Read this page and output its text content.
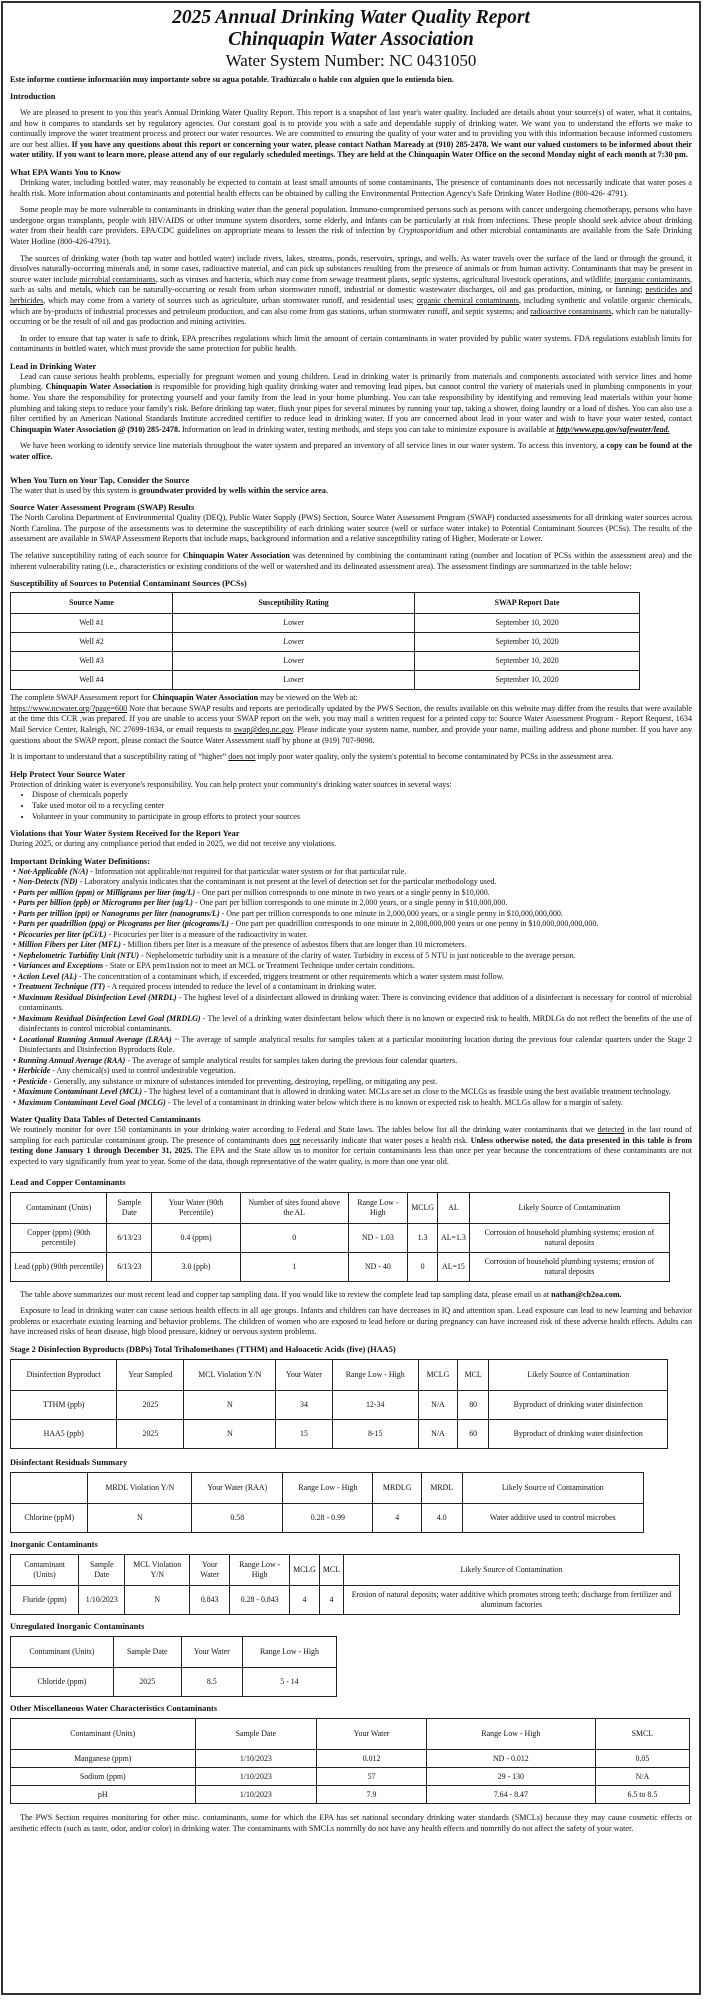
2025 Annual Drinking Water Quality Report
Chinquapin Water Association
Water System Number: NC 0431050

Este informe contiene información muy importante sobre su agua potable. Tradúzcalo o hable con alguien que lo entienda bien.

Introduction

We are pleased to present to you this year's Annual Drinking Water Quality Report. This report is a snapshot of last year's water quality. Included are details about your source(s) of water, what it contains, and how it compares to standards set by regulatory agencies. Our constant goal is to provide you with a safe and dependable supply of drinking water. We want you to understand the efforts we make to continually improve the water treatment process and protect our water resources. We are committed to ensuring the quality of your water and to providing you with this information because informed customers are our best allies. If you have any questions about this report or concerning your water, please contact Nathan Maready at (910) 285-2478. We want our valued customers to be informed about their water utility. If you want to learn more, please attend any of our regularly scheduled meetings. They are held at the Chinquapin Water Office on the second Monday night of each month at 7:30 pm.

What EPA Wants You to Know

Drinking water, including bottled water, may reasonably be expected to contain at least small amounts of some contaminants, The presence of contaminants does not necessarily indicate that water poses a health risk. More information about contaminants and potential health effects can be obtained by calling the Environmental Protection Agency's Safe Drinking Water Hotline (800-426- 4791).

Some people may be more vulnerable to contaminants in drinking water than the general population. Immuno-compromised persons such as persons with cancer undergoing chemotherapy, persons who have undergone organ transplants, people with HIV/AIDS or other immune system disorders, some elderly, and infants can be particularly at risk from infections. These people should seek advice about drinking water from their health care providers. EPA/CDC guidelines on appropriate means to lessen the risk of infection by Cryptosporidium and other microbial contaminants are available from the Safe Drinking Water Hotline (800-426-4791).

The sources of drinking water (both tap water and bottled water) include rivers, lakes, streams, ponds, reservoirs, springs, and wells. As water travels over the surface of the land or through the ground, it dissolves naturally-occurring minerals and, in some cases, radioactive material, and can pick up substances resulting from the presence of animals or from human activity. Contaminants that may be present in source water include microbial contaminants, such as viruses and bacteria, which may come from sewage treatment plants, septic systems, agricultural livestock operations, and wildlife; inorganic contaminants, such as salts and metals, which can be naturally-occurring or result from urban stormwater runoff, industrial or domestic wastewater discharges, oil and gas production, mining, or fanning; pesticides and herbicides, which may come from a variety of sources such as agriculture, urban stormwater runoff, and residential uses; organic chemical contaminants, including synthetic and volatile organic chemicals, which are by-products of industrial processes and petroleum production, and can also come from gas stations, urban stormwater runoff, and septic systems; and radioactive contaminants, which can be naturally-occurring or be the result of oil and gas production and mining activities.

In order to ensure that tap water is safe to drink, EPA prescribes regulations which limit the amount of certain contaminants in water provided by public water systems. FDA regulations establish limits for contaminants in bottled water, which must provide the same protection for public health.

Lead in Drinking Water

Lead can cause serious health problems, especially for pregnant women and young children. Lead in drinking water is primarily from materials and components associated with service lines and home plumbing. Chinquapin Water Association is responsible for providing high quality drinking water and removing lead pipes, but cannot control the variety of materials used in plumbing components in your home. You share the responsibility for protecting yourself and your family from the lead in your home plumbing. You can take responsibility by identifying and removing lead materials within your home plumbing and taking steps to reduce your family's risk. Before drinking tap water, flush your pipes for several minutes by running your tap, taking a shower, doing laundry or a load of dishes. You can also use a filter certified by an American National Standards Institute accredited certifier to reduce lead in drinking water. If you are concerned about lead in your water and wish to have your water tested, contact Chinquapin Water Association @ (910) 285-2478. Information on lead in drinking water, testing methods, and steps you can take to minimize exposure is available at http//www.epa.gov/safewater/lead.

We have been working to identify service line materials throughout the water system and prepared an inventory of all service lines in our water system. To access this inventory, a copy can be found at the water office.

When You Turn on Your Tap, Consider the Source

The water that is used by this system is groundwater provided by wells within the service area.

Source Water Assessment Program (SWAP) Results

The North Carolina Department of Environmerital Quality (DEQ), Public Water Supply (PWS) Section, Source Water Assessment Prngram (SWAP) conducted assessments for all drinking water sources across North Carolina. The purpose of the assessments was to determine the susceptibility of each drinking water source (well or surface water intake) to Potential Contaminant Sources (PCSs). The results of the assessment are available in SWAP Assessment Reports that include maps, background information and a relative susceptibility rating of Higher, Moderate or Lower.

The relative susceptibility rating of each source for Chinquapin Water Association was detennined by combining the contaminant rating (number and location of PCSs within the assessment area) and the inherent vulnerability rating (i.e., characteristics or existing conditions of the well or watershed and its delineated assessment area). The assessment findings are summarized in the table below:

Susceptibility of Sources to Potential Contaminant Sources (PCSs)
Source Name	Susceptibility Rating	SWAP Report Date
Well #1	Lower	September 10, 2020
Well #2	Lower	September 10, 2020
Well #3	Lower	September 10, 2020
Well #4	Lower	September 10, 2020

The complete SWAP Assessment report for Chinquapin Water Association may be viewed on the Web at:
https://www.ncwater.org/?page=600 Note that because SWAP results and reports are periodically updated by the PWS Section, the results available on this website may differ from the results that were available at the time this CCR ,was prepared. If you are unable to access your SWAP report on the web, you may mail a written request for a printed copy to: Source Water Assessment Program - Report Request, 1634 Mail Service Center, Raleigh, NC 27699-1634, or email requests to swap@deq.nc.gov. Please indicate your system name, number, and provide your name, mailing address and phone number. If you have any questions about the SWAP report, please contact the Source Water Assessment staff by phone at (919) 707-9098.

It is important to understand that a susceptibility rating of “higher” does not imply poor water quality, only the system's potential to become contaminated by PCSs in the assessment area.

Help Protect Your Source Water

Protection of drinking water is everyone's responsibility. You can help protect your community's drinking water sources in several ways:

• Dispose of chemicals poperly
• Take used motor oil to a recycling center
• Volunteer in your community to participate in group efforts to protect your sources
Violations that Your Water System Received for the Report Year

During 2025, or during any compliance period that ended in 2025, we did not receive any violations.

Important Drinking Water Definitions:
• Not-Applicable (N/A) - Information not applicable/not required for that particular water system or for that particular rule.
• Non-Detects (ND) - Laboratory analysis indicates that the contaminant is not present at the level of detection set for the particular methodology used.
• Parts per million (ppm) or Milligrams per liter (mg/L) - One part per million corresponds to one minute in two years or a single penny in $10,000.
• Parts per billion (ppb) or Micrograms per liter (ug/L) - One part per billion corresponds to one minute in 2,000 years, or a single penny in $10,000,000.
• Parts per trillion (ppt) or Nanograms per liter (nanograms/L) - One part per trillion corresponds to one minute in 2,000,000 years, or a single penny in $10,000,000,000.
• Parts per quadrillion (ppq) or Picograms per liter (picograms/L) - One part per quadrillion corresponds to one minute in 2,000,000,000 years or one penny in $10,000,000,000,000.
• Picocuries per liter (pCi/L) - Picocuries per liter is a measure of the radioactivity in water.
• Million Fibers per Liter (MFL) - Million fibers per liter is a measure of the presence of asbestos fibers that are longer than 10 micrometers.
• Nephelometric Turbidity Unit (NTU) - Nephelometric turbidity unit is a measure of the clarity of water. Turbidity in excess of 5 NTU is just noticeable to the average person.
• Variances and Exceptions - State or EPA pem1ission not to meet an MCL or Treatment Technique under certain conditions.
• Action Level (AL) - The concentration of a contaminant which, if exceeded, triggers treatment or other requirements which a water system must follow.
• Treatment Technique (TT) - A required process intended to reduce the level of a contaminant in drinking water.
• Maximum Residual Disinfection Level (MRDL) - The highest level of a disinfectant allowed in drinking water. There is convincing evidence that addition of a disinfectant is necessary for control of microbial contaminants.
• Maximum Residual Disinfection Level Goal (MRDLG) - The level of a drinking water disinfectant below which there is no known or expected risk to health. MRDLGs do not reflect the benefits of the use of disinfectants to control microbial contaminants.
• Locational Running Annual Average (LRAA) ~ The average of sample analytical results for samples taken at a particular monitoring location during the previous four calendar quarters under the Stage 2 Disinfectants and Disinfection Byproducts Rule.
• Running Annual Average (RAA) - The average of sample analytical results for samples taken during the previous four calendar quarters.
• Herbicide - Any chemical(s) used to control undesirable vegetation.
• Pesticide - Generally, any substance or mixture of substances intended for preventing, destroying, repelling, or mitigating any pest.
• Maximum Contaminant Level (MCL) - The highest level of a contaminant that is allowed in drinking water. MCLs are set as close to the MCLGs as feasible using the best available treatment technology.
• Maximum Contaminant Level Goal (MCLG) - The level of a contaminant in drinking water below which there is no known or expected risk to health. MCLGs allow for a margin of safety.
Water Quality Data Tables of Detected Contaminants

We routinely monitor for over 150 contaminants in your drinking water according to Federal and State laws. The tables below list all the drinking water contaminants that we detected in the last round of sampling for each particular contaminant group. The presence of contaminants does not necessarily indicate that water poses a health risk. Unless otherwise noted, the data presented in this table is from testing done January 1 through December 31, 2025. The EPA and the State allow us to monitor for certain contaminants less than once per year because the concentrations of these contaminants are not expected to vary significantly from year to year. Some of the data, though representative of the water quality, is more than one year old.

Lead and Copper Contaminants
Contaminant (Units)	Sample Date	Your Water (90th Percentile)	Number of sites found above the AL	Range Low - High	MCLG	AL	Likely Source of Contamination
Copper (ppm) (90th percentile)	6/13/23	0.4 (ppm)	0	ND - 1.03	1.3	AL=1.3	Corrosion of household plumbing systems; erosion of natural deposits
Lead (ppb) (90th percentile)	6/13/23	3.0 (ppb)	1	ND - 40	0	AL=15	Corrosion of household plumbing systems; erosion of natural deposits

The table above summarizes our most recent lead and copper tap sampling data. If you would like to review the complete lead tap sampling data, please email us at nathan@ch2oa.com.

Exposure to lead in drinking water can cause serious health effects in all age groups. Infants and children can have decreases in IQ and attention span. Lead exposure can lead to new learning and behavior problems or exacerbate existing learning and behavior problems. The children of women who are exposed to lead before or during pregnancy can have increased risk of these adverse health effects. Adults can have increased risks of heart disease, high blood pressure, kidney or nervous system problems.

Stage 2 Disinfection Byproducts (DBPs) Total Trihalomethanes (TTHM) and Haloacetic Acids (five) (HAA5)
Disinfection Byproduct	Year Sampled	MCL Violation Y/N	Your Water	Range Low - High	MCLG	MCL	Likely Source of Contamination
TTHM (ppb)	2025	N	34	12-34	N/A	80	Byproduct of drinking water disinfection
HAA5 (ppb)	2025	N	15	8-15	N/A	60	Byproduct of drinking water disinfection
Disinfectant Residuals Summary
	MRDL Violation Y/N	Your Water (RAA)	Range Low - High	MRDLG	MRDL	Likely Source of Contamination
Chlorine (ppM)	N	0.58	0.28 - 0.99	4	4.0	Water additive used to control microbes
Inorganic Contaminants
Contaminant (Units)	Sample Date	MCL Violation Y/N	Your Water	Range Low - High	MCLG	MCL	Likely Source of Contamination
Fluride (ppm)	1/10/2023	N	0.843	0.28 - 0.843	4	4	Erosion of natural deposits; water additive which promotes strong teeth; discharge from fertilizer and aluminum factories
Unregulated Inorganic Contaminants
Contaminant (Units)	Sample Date	Your Water	Range Low - High
Chloride (ppm)	2025	8.5	5 - 14
Other Miscellaneous Water Characteristics Contaminants
Contaminant (Units)	Sample Date	Your Water	Range Low - High	SMCL
Manganese (ppm)	1/10/2023	0.012	ND - 0.012	0.05
Sodium (ppm)	1/10/2023	57	29 - 130	N/A
pH	1/10/2023	7.9	7.64 - 8.47	6.5 to 8.5

The PWS Section requires monitoring for other misc. contaminants, some for which the EPA has set national secondary drinking water standards (SMCLs) because they may cause cosmetic effects or aesthetic effects (such as taste, odor, and/or color) in drinking water. The contaminants with SMCLs nomrnlly do not have any health effects and nomrnlly do not affect the safety of your water.
